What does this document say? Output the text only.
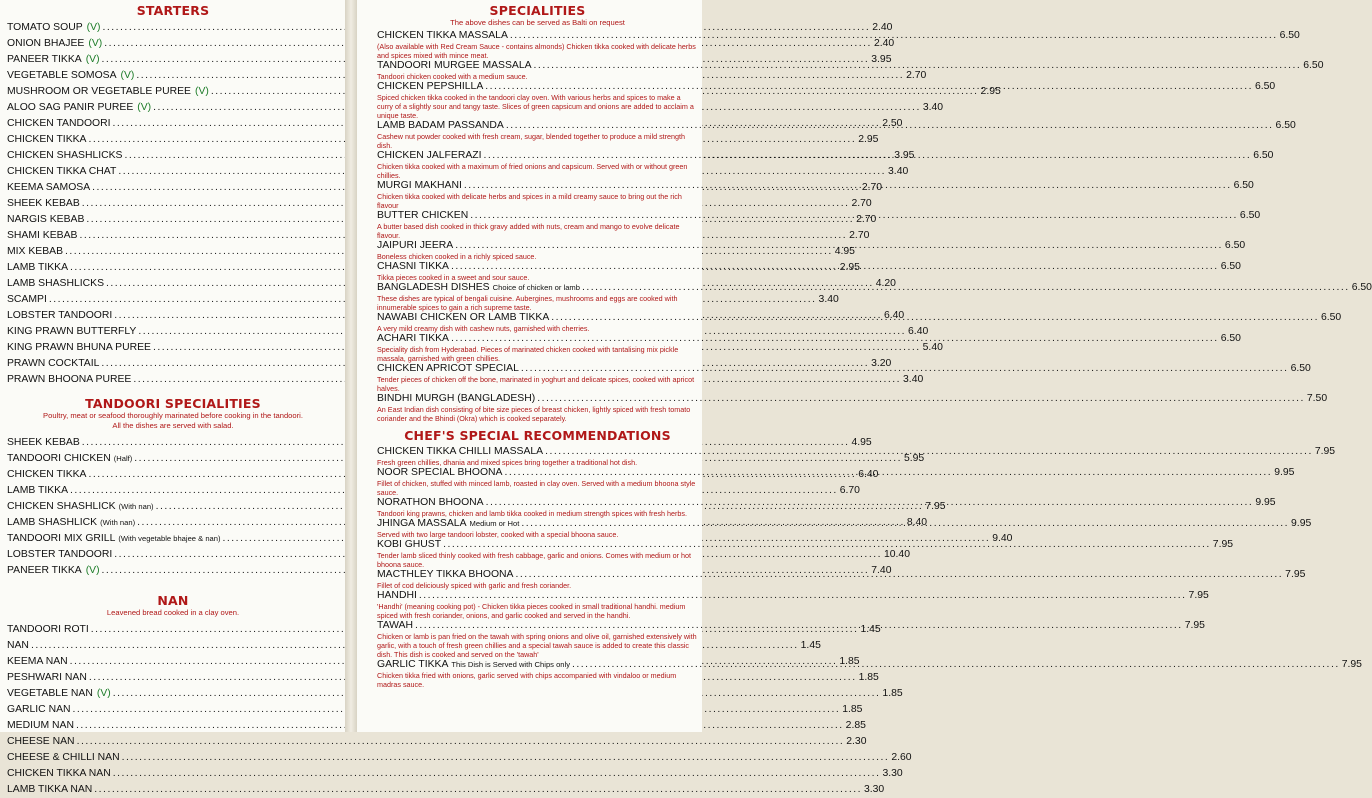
STARTERS
TOMATO SOUP (V) .....	2.40
ONION BHAJEE (V) .....	2.40
PANEER TIKKA (V) .....	3.95
VEGETABLE SOMOSA (V) .....	2.70
MUSHROOM OR VEGETABLE PUREE (V) .....	2.95
ALOO SAG PANIR PUREE (V) .....	3.40
CHICKEN TANDOORI .....	2.50
CHICKEN TIKKA .....	2.95
CHICKEN SHASHLICKS .....	3.95
CHICKEN TIKKA CHAT .....	3.40
KEEMA SAMOSA .....	2.70
SHEEK KEBAB .....	2.70
NARGIS KEBAB .....	2.70
SHAMI KEBAB .....	2.70
MIX KEBAB .....	4.95
LAMB TIKKA .....	2.95
LAMB SHASHLICKS .....	4.20
SCAMPI .....	3.40
LOBSTER TANDOORI .....	6.40
KING PRAWN BUTTERFLY .....	6.40
KING PRAWN BHUNA PUREE .....	5.40
PRAWN COCKTAIL .....	3.20
PRAWN BHOONA PUREE .....	3.40
TANDOORI SPECIALITIES
Poultry, meat or seafood thoroughly marinated before cooking in the tandoori.
All the dishes are served with salad.
SHEEK KEBAB .....	4.95
TANDOORI CHICKEN (Half) .....	5.95
CHICKEN TIKKA .....	6.40
LAMB TIKKA .....	6.70
CHICKEN SHASHLICK (With nan) .....	7.95
LAMB SHASHLICK (With nan) .....	8.40
TANDOORI MIX GRILL (With vegetable bhajee & nan) .....	9.40
LOBSTER TANDOORI .....	10.40
PANEER TIKKA (V) .....	7.40
NAN
Leavened bread cooked in a clay oven.
TANDOORI ROTI .....	1.45
NAN .....	1.45
KEEMA NAN .....	1.85
PESHWARI NAN .....	1.85
VEGETABLE NAN (V) .....	1.85
GARLIC NAN .....	1.85
MEDIUM NAN .....	2.85
CHEESE NAN .....	2.30
CHEESE & CHILLI NAN .....	2.60
CHICKEN TIKKA NAN .....	3.30
LAMB TIKKA NAN .....	3.30
SPECIALITIES
The above dishes can be served as Balti on request
CHICKEN TIKKA MASSALA .....	6.50
(Also available with Red Cream Sauce - contains almonds) Chicken tikka cooked with delicate herbs and spices mixed with mince meat.
TANDOORI MURGEE MASSALA .....	6.50
Tandoori chicken cooked with a medium sauce.
CHICKEN PEPSHILLA .....	6.50
Spiced chicken tikka cooked in the tandoori clay oven. With various herbs and spices to make a curry of a slightly sour and tangy taste. Slices of green capsicum and onions are added to acclaim a unique taste.
LAMB BADAM PASSANDA .....	6.50
Cashew nut powder cooked with fresh cream, sugar, blended together to produce a mild strength dish.
CHICKEN JALFERAZI .....	6.50
Chicken tikka cooked with a maximum of fried onions and capsicum. Served with or without green chillies.
MURGI MAKHANI .....	6.50
Chicken tikka cooked with delicate herbs and spices in a mild creamy sauce to bring out the rich flavour
BUTTER CHICKEN .....	6.50
A butter based dish cooked in thick gravy added with nuts, cream and mango to evolve delicate flavour.
JAIPURI JEERA .....	6.50
Boneless chicken cooked in a richly spiced sauce.
CHASNI TIKKA .....	6.50
Tikka pieces cooked in a sweet and sour sauce.
BANGLADESH DISHES Choice of chicken or lamb .....	6.50
These dishes are typical of bengali cuisine. Aubergines, mushrooms and eggs are cooked with innumerable spices to gain a rich supreme taste.
NAWABI CHICKEN OR LAMB TIKKA .....	6.50
A very mild creamy dish with cashew nuts, garnished with cherries.
ACHARI TIKKA .....	6.50
Speciality dish from Hyderabad. Pieces of marinated chicken cooked with tantalising mix pickle massala, garnished with green chillies.
CHICKEN APRICOT SPECIAL .....	6.50
Tender pieces of chicken off the bone, marinated in yoghurt and delicate spices, cooked with apricot halves.
BINDHI MURGH (BANGLADESH) .....	7.50
An East Indian dish consisting of bite size pieces of breast chicken, lightly spiced with fresh tomato coriander and the Bhindi (Okra) which is cooked separately.
CHEF'S SPECIAL RECOMMENDATIONS
CHICKEN TIKKA CHILLI MASSALA .....	7.95
Fresh green chillies, dhania and mixed spices bring together a traditional hot dish.
NOOR SPECIAL BHOONA .....	9.95
Fillet of chicken, stuffed with minced lamb, roasted in clay oven. Served with a medium bhoona style sauce.
NORATHON BHOONA .....	9.95
Tandoori king prawns, chicken and lamb tikka cooked in medium strength spices with fresh herbs.
JHINGA MASSALA Medium or Hot .....	9.95
Served with two large tandoori lobster, cooked with a special bhoona sauce.
KOBI GHUST .....	7.95
Tender lamb sliced thinly cooked with fresh cabbage, garlic and onions. Comes with medium or hot bhoona sauce.
MACTHLEY TIKKA BHOONA .....	7.95
Fillet of cod deliciously spiced with garlic and fresh coriander.
HANDHI .....	7.95
'Handhi' (meaning cooking pot) - Chicken tikka pieces cooked in small traditional handhi. medium spiced with fresh coriander, onions, and garlic cooked and served in the handhi.
TAWAH .....	7.95
Chicken or lamb is pan fried on the tawah with spring onions and olive oil, garnished extensively with garlic, with a touch of fresh green chillies and a special tawah sauce is added to create this classic dish. This dish is cooked and served on the 'tawah'
GARLIC TIKKA This Dish is Served with Chips only .....	7.95
Chicken tikka fried with onions, garlic served with chips accompanied with vindaloo or medium madras sauce.
